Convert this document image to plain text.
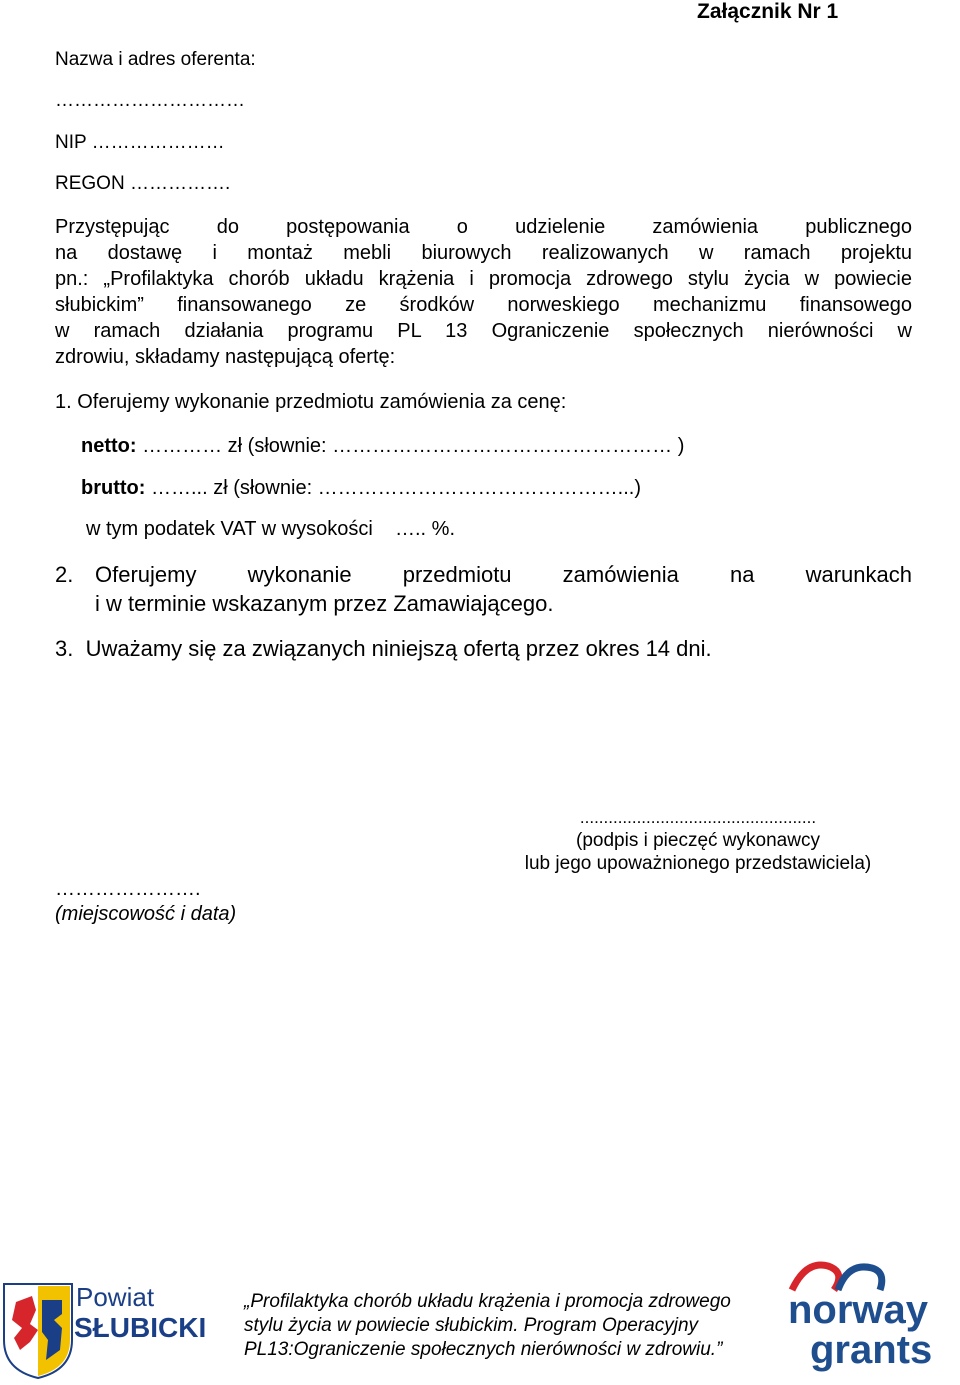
Załącznik Nr 1
Nazwa i adres oferenta:
…………………………
NIP …………………
REGON …………….
Przystępując do postępowania o udzielenie zamówienia publicznego
na dostawę i montaż mebli biurowych realizowanych w ramach projektu
pn.: „Profilaktyka chorób układu krążenia i promocja zdrowego stylu życia w powiecie
słubickim” finansowanego ze środków norweskiego mechanizmu finansowego
w ramach działania programu PL 13 Ograniczenie społecznych nierówności w
zdrowiu, składamy następującą ofertę:
1. Oferujemy wykonanie przedmiotu zamówienia za cenę:
netto: ………… zł (słownie: …………………………………………… )
brutto: ……... zł (słownie: ………………………………………...)
w tym podatek VAT w wysokości    ….. %.
2. Oferujemy wykonanie przedmiotu zamówienia na warunkach
i w terminie wskazanym przez Zamawiającego.
3.  Uważamy się za związanych niniejszą ofertą przez okres 14 dni.
..................................................
(podpis i pieczęć wykonawcy
lub jego upoważnionego przedstawiciela)
………………….
(miejscowość i data)
Powiat
SŁUBICKI
„Profilaktyka chorób układu krążenia i promocja zdrowego
stylu życia w powiecie słubickim. Program Operacyjny
PL13:Ograniczenie społecznych nierówności w zdrowiu.”
norway
grants
